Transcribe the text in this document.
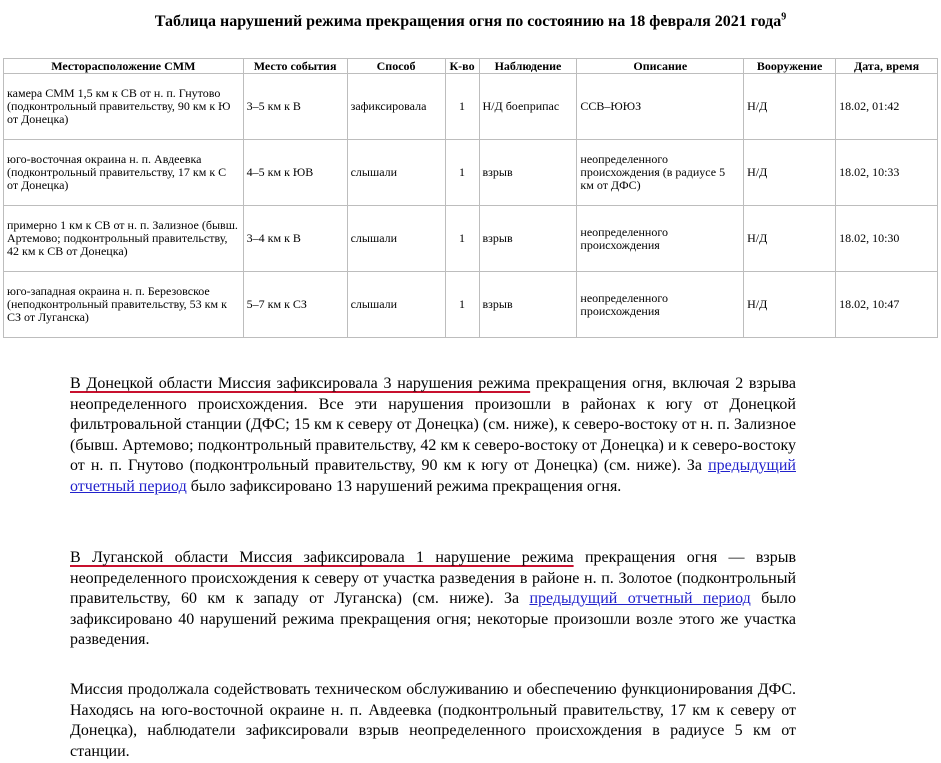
Таблица нарушений режима прекращения огня по состоянию на 18 февраля 2021 года$^9$
Месторасположение СММ	Место события	Способ	К-во	Наблюдение	Описание	Вооружение	Дата, время
камера СММ 1,5 км к СВ от н. п. Гнутово (подконтрольный правительству, 90 км к Ю от Донецка)	3–5 км к В	зафиксировала	1	Н/Д боеприпас	ССВ–ЮЮЗ	Н/Д	18.02, 01:42
юго-восточная окраина н. п. Авдеевка (подконтрольный правительству, 17 км к С от Донецка)	4–5 км к ЮВ	слышали	1	взрыв	неопределенного происхождения (в радиусе 5 км от ДФС)	Н/Д	18.02, 10:33
примерно 1 км к СВ от н. п. Зализное (бывш. Артемово; подконтрольный правительству, 42 км к СВ от Донецка)	3–4 км к В	слышали	1	взрыв	неопределенного происхождения	Н/Д	18.02, 10:30
юго-западная окраина н. п. Березовское (неподконтрольный правительству, 53 км к СЗ от Луганска)	5–7 км к СЗ	слышали	1	взрыв	неопределенного происхождения	Н/Д	18.02, 10:47
В Донецкой области Миссия зафиксировала 3 нарушения режима прекращения огня, включая 2 взрыва неопределенного происхождения. Все эти нарушения произошли в районах к югу от Донецкой фильтровальной станции (ДФС; 15 км к северу от Донецка) (см. ниже), к северо-востоку от н. п. Зализное (бывш. Артемово; подконтрольный правительству, 42 км к северо-востоку от Донецка) и к северо-востоку от н. п. Гнутово (подконтрольный правительству, 90 км к югу от Донецка) (см. ниже). За предыдущий отчетный период было зафиксировано 13 нарушений режима прекращения огня.
В Луганской области Миссия зафиксировала 1 нарушение режима прекращения огня — взрыв неопределенного происхождения к северу от участка разведения в районе н. п. Золотое (подконтрольный правительству, 60 км к западу от Луганска) (см. ниже). За предыдущий отчетный период было зафиксировано 40 нарушений режима прекращения огня; некоторые произошли возле этого же участка разведения.
Миссия продолжала содействовать техническом обслуживанию и обеспечению функционирования ДФС. Находясь на юго-восточной окраине н. п. Авдеевка (подконтрольный правительству, 17 км к северу от Донецка), наблюдатели зафиксировали взрыв неопределенного происхождения в радиусе 5 км от станции.
